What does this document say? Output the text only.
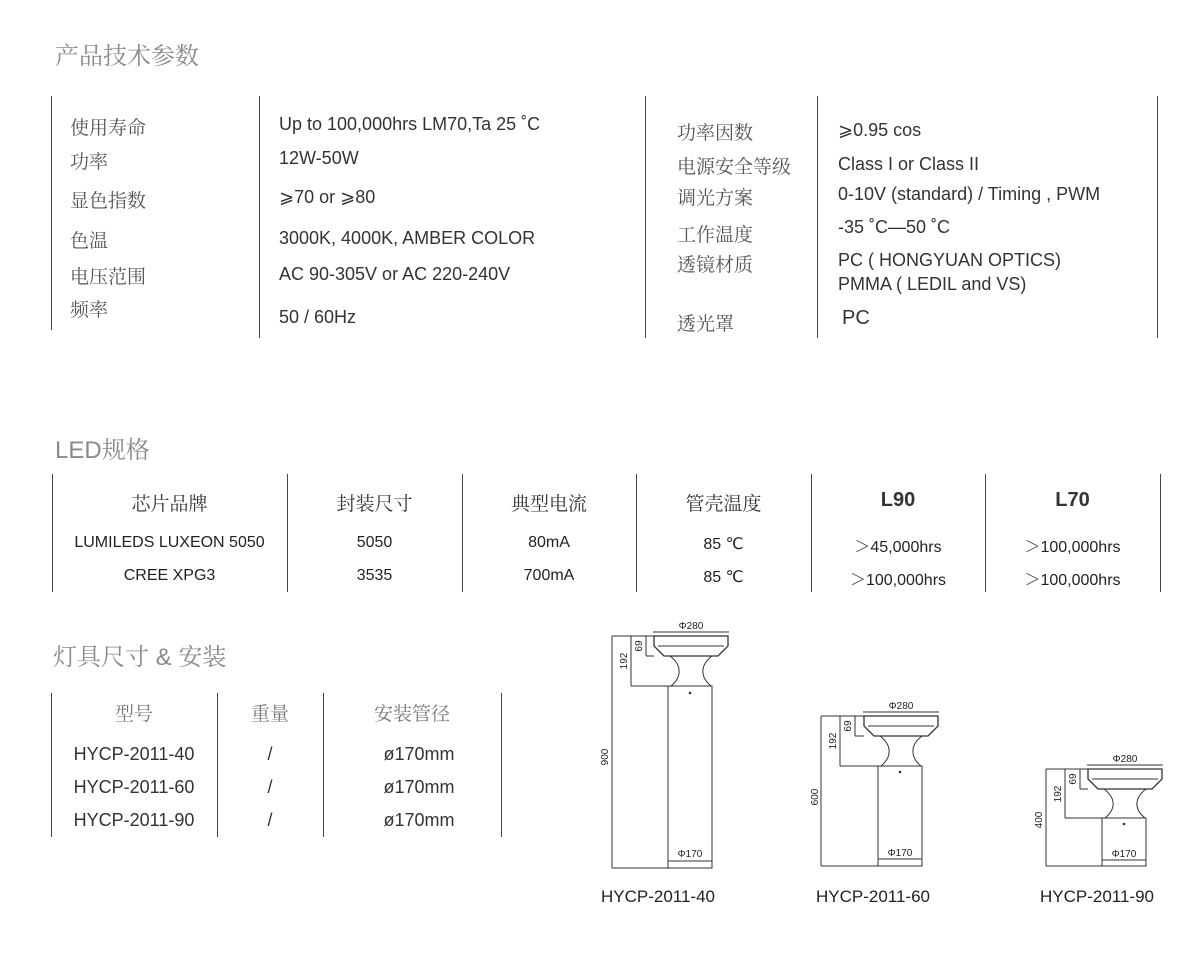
产品技术参数
使用寿命	Up to 100,000hrs LM70,Ta 25 ˚C
功率	12W-50W
显色指数	⩾70 or ⩾80
色温	3000K, 4000K, AMBER COLOR
电压范围	AC 90-305V or AC 220-240V
频率	50 / 60Hz
功率因数	⩾0.95 cos
电源安全等级	Class I or Class II
调光方案	0-10V (standard) / Timing , PWM
工作温度	-35 ˚C—50 ˚C
透镜材质	PC ( HONGYUAN OPTICS)
PMMA ( LEDIL and VS)
透光罩	PC
LED规格
芯片品牌	封装尺寸	典型电流	管壳温度	L90	L70
LUMILEDS LUXEON 5050	5050	80mA	85 ℃	＞45,000hrs	＞100,000hrs
CREE XPG3	3535	700mA	85 ℃	＞100,000hrs	＞100,000hrs
灯具尺寸 & 安装
型号	重量	安装管径
HYCP-2011-40	/	ø170mm
HYCP-2011-60	/	ø170mm
HYCP-2011-90	/	ø170mm
Φ280
Φ170
900
192
69
Φ280
Φ170
600
192
69
Φ280
Φ170
400
192
69
HYCP-2011-40	HYCP-2011-60	HYCP-2011-90
